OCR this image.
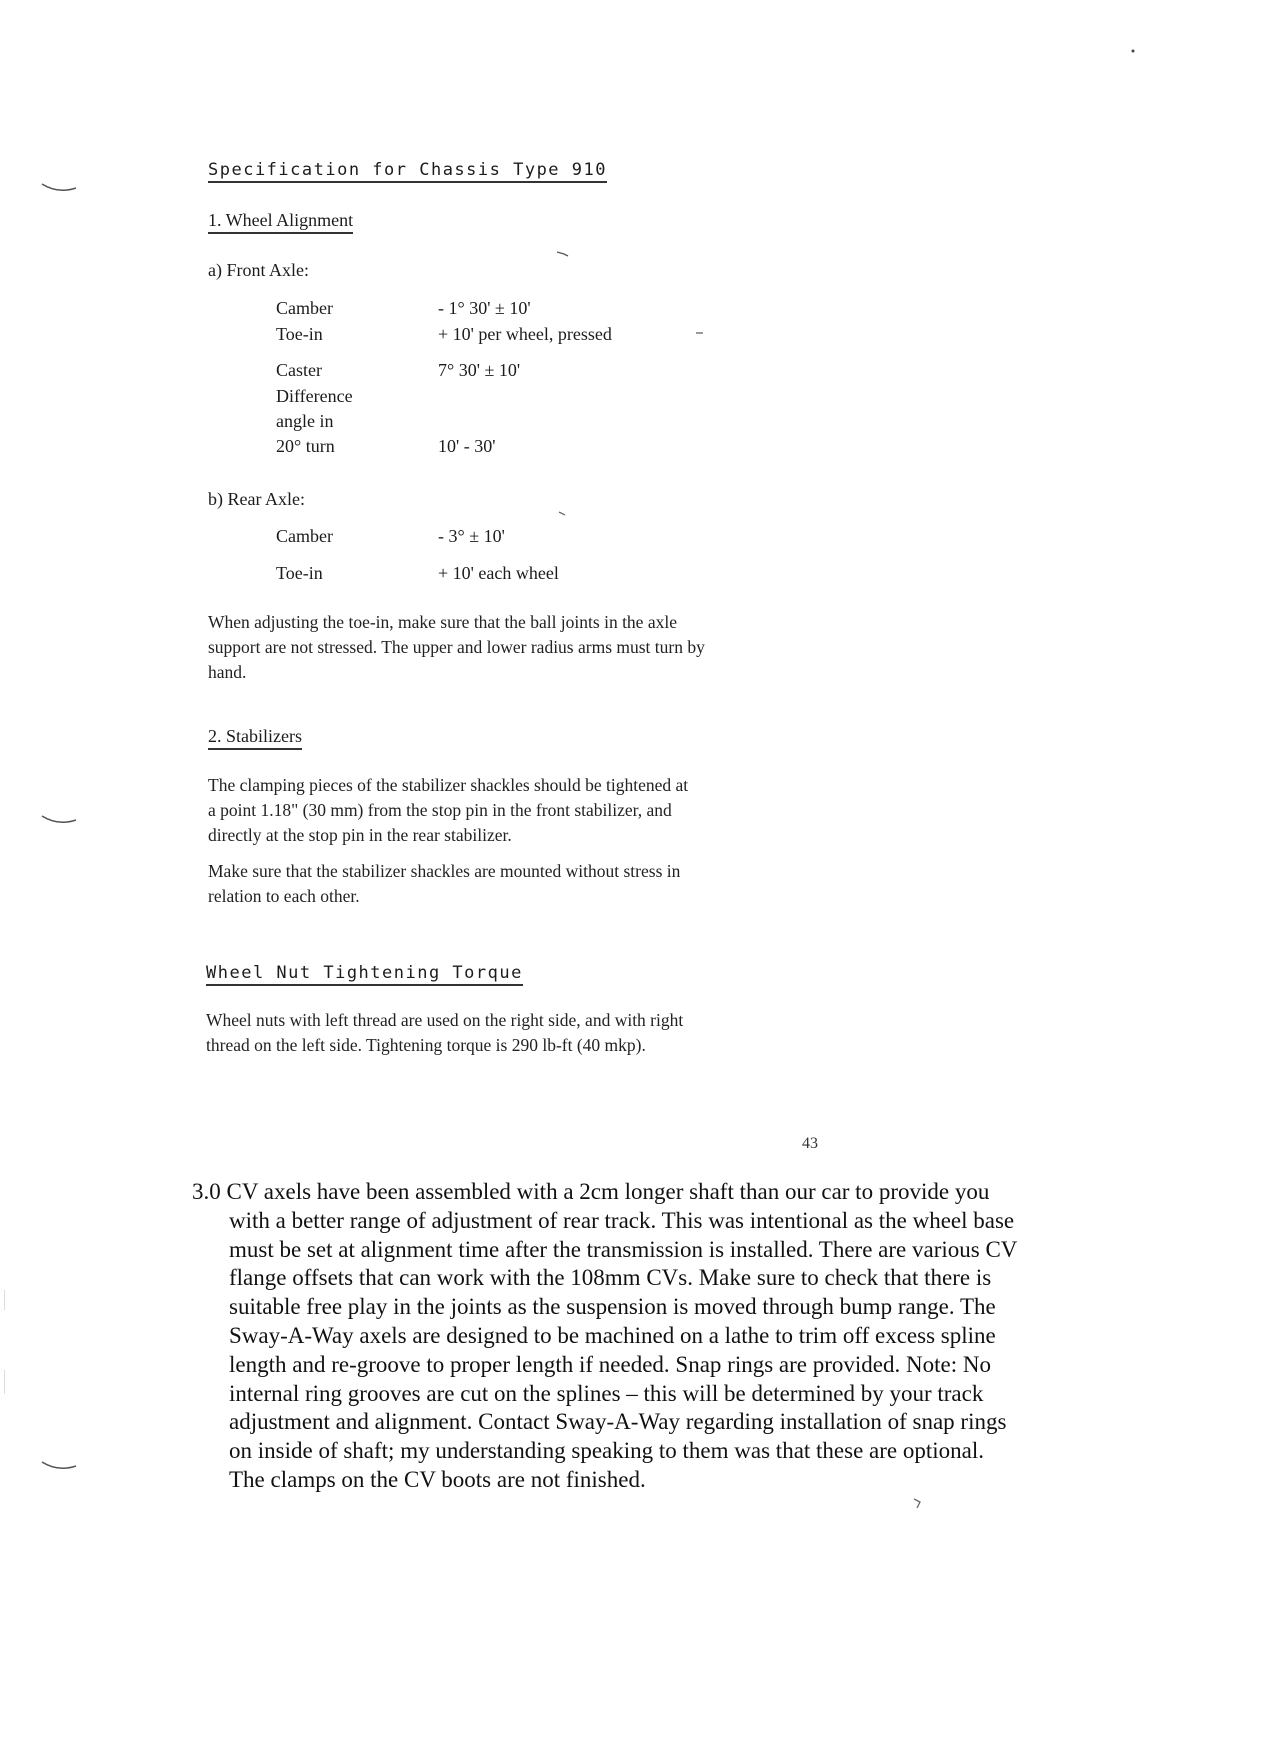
Specification for Chassis Type 910
1. Wheel Alignment
a) Front Axle:
Camber	- 1° 30' ± 10'
Toe-in	+ 10' per wheel, pressed
Caster	7° 30' ± 10'
Difference
angle in
20° turn	10' - 30'
b) Rear Axle:
Camber	- 3° ± 10'
Toe-in	+ 10' each wheel
When adjusting the toe-in, make sure that the ball joints in the axle
support are not stressed. The upper and lower radius arms must turn by
hand.
2. Stabilizers
The clamping pieces of the stabilizer shackles should be tightened at
a point 1.18" (30 mm) from the stop pin in the front stabilizer, and
directly at the stop pin in the rear stabilizer.
Make sure that the stabilizer shackles are mounted without stress in
relation to each other.
Wheel Nut Tightening Torque
Wheel nuts with left thread are used on the right side, and with right
thread on the left side. Tightening torque is 290 lb-ft (40 mkp).
43
3.0 CV axels have been assembled with a 2cm longer shaft than our car to provide you
with a better range of adjustment of rear track. This was intentional as the wheel base
must be set at alignment time after the transmission is installed. There are various CV
flange offsets that can work with the 108mm CVs. Make sure to check that there is
suitable free play in the joints as the suspension is moved through bump range. The
Sway-A-Way axels are designed to be machined on a lathe to trim off excess spline
length and re-groove to proper length if needed. Snap rings are provided. Note: No
internal ring grooves are cut on the splines – this will be determined by your track
adjustment and alignment. Contact Sway-A-Way regarding installation of snap rings
on inside of shaft; my understanding speaking to them was that these are optional.
The clamps on the CV boots are not finished.
